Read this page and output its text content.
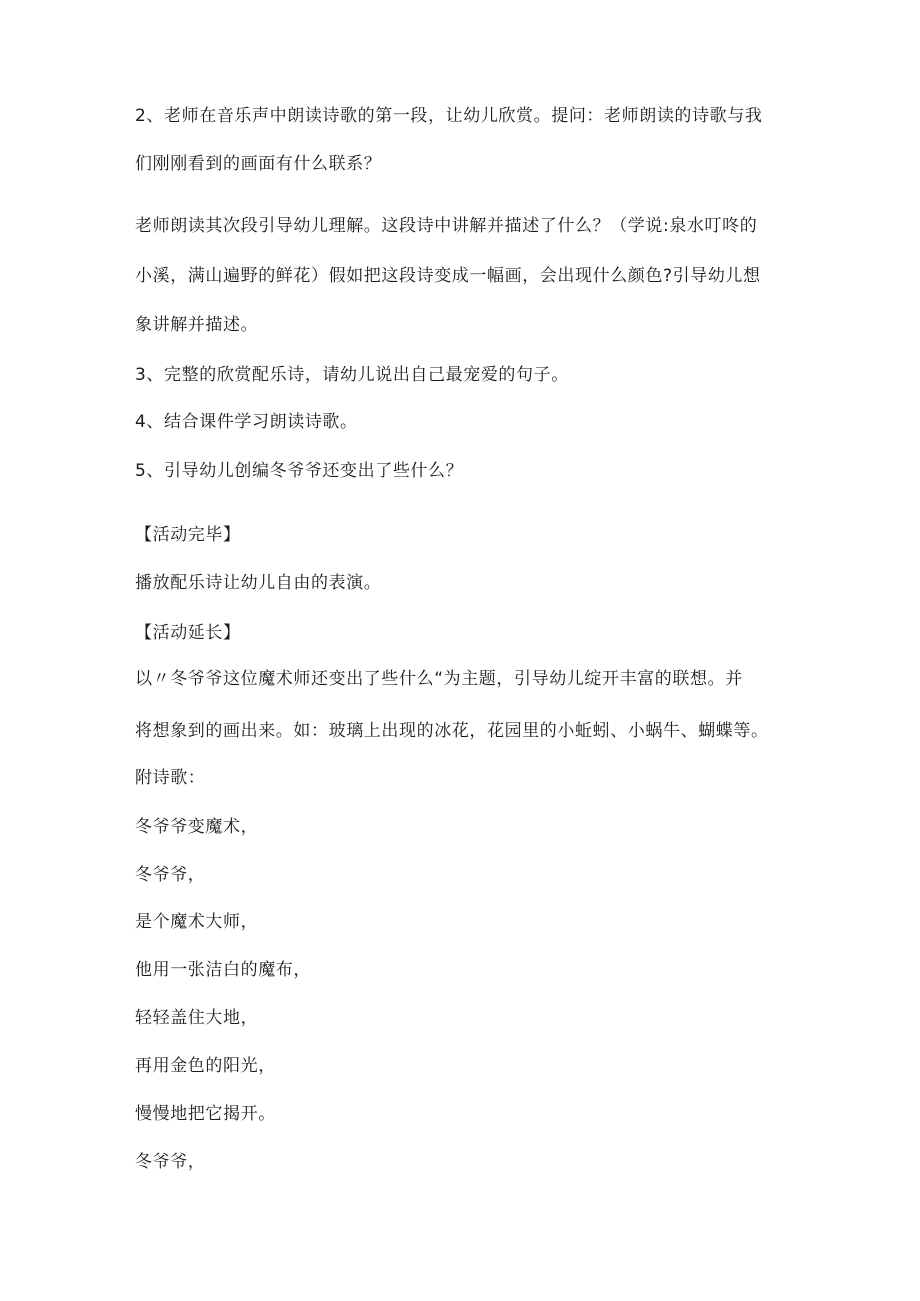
2、老师在音乐声中朗读诗歌的第一段，让幼儿欣赏。提问：老师朗读的诗歌与我
们刚刚看到的画面有什么联系？
老师朗读其次段引导幼儿理解。这段诗中讲解并描述了什么？（学说:泉水叮咚的
小溪，满山遍野的鲜花）假如把这段诗变成一幅画，会出现什么颜色?引导幼儿想
象讲解并描述。
3、完整的欣赏配乐诗，请幼儿说出自己最宠爱的句子。
4、结合课件学习朗读诗歌。
5、引导幼儿创编冬爷爷还变出了些什么？
【活动完毕】
播放配乐诗让幼儿自由的表演。
【活动延长】
以〃冬爷爷这位魔术师还变出了些什么“为主题，引导幼儿绽开丰富的联想。并
将想象到的画出来。如：玻璃上出现的冰花，花园里的小蚯蚓、小蜗牛、蝴蝶等。
附诗歌：
冬爷爷变魔术，
冬爷爷，
是个魔术大师，
他用一张洁白的魔布，
轻轻盖住大地，
再用金色的阳光，
慢慢地把它揭开。
冬爷爷，
